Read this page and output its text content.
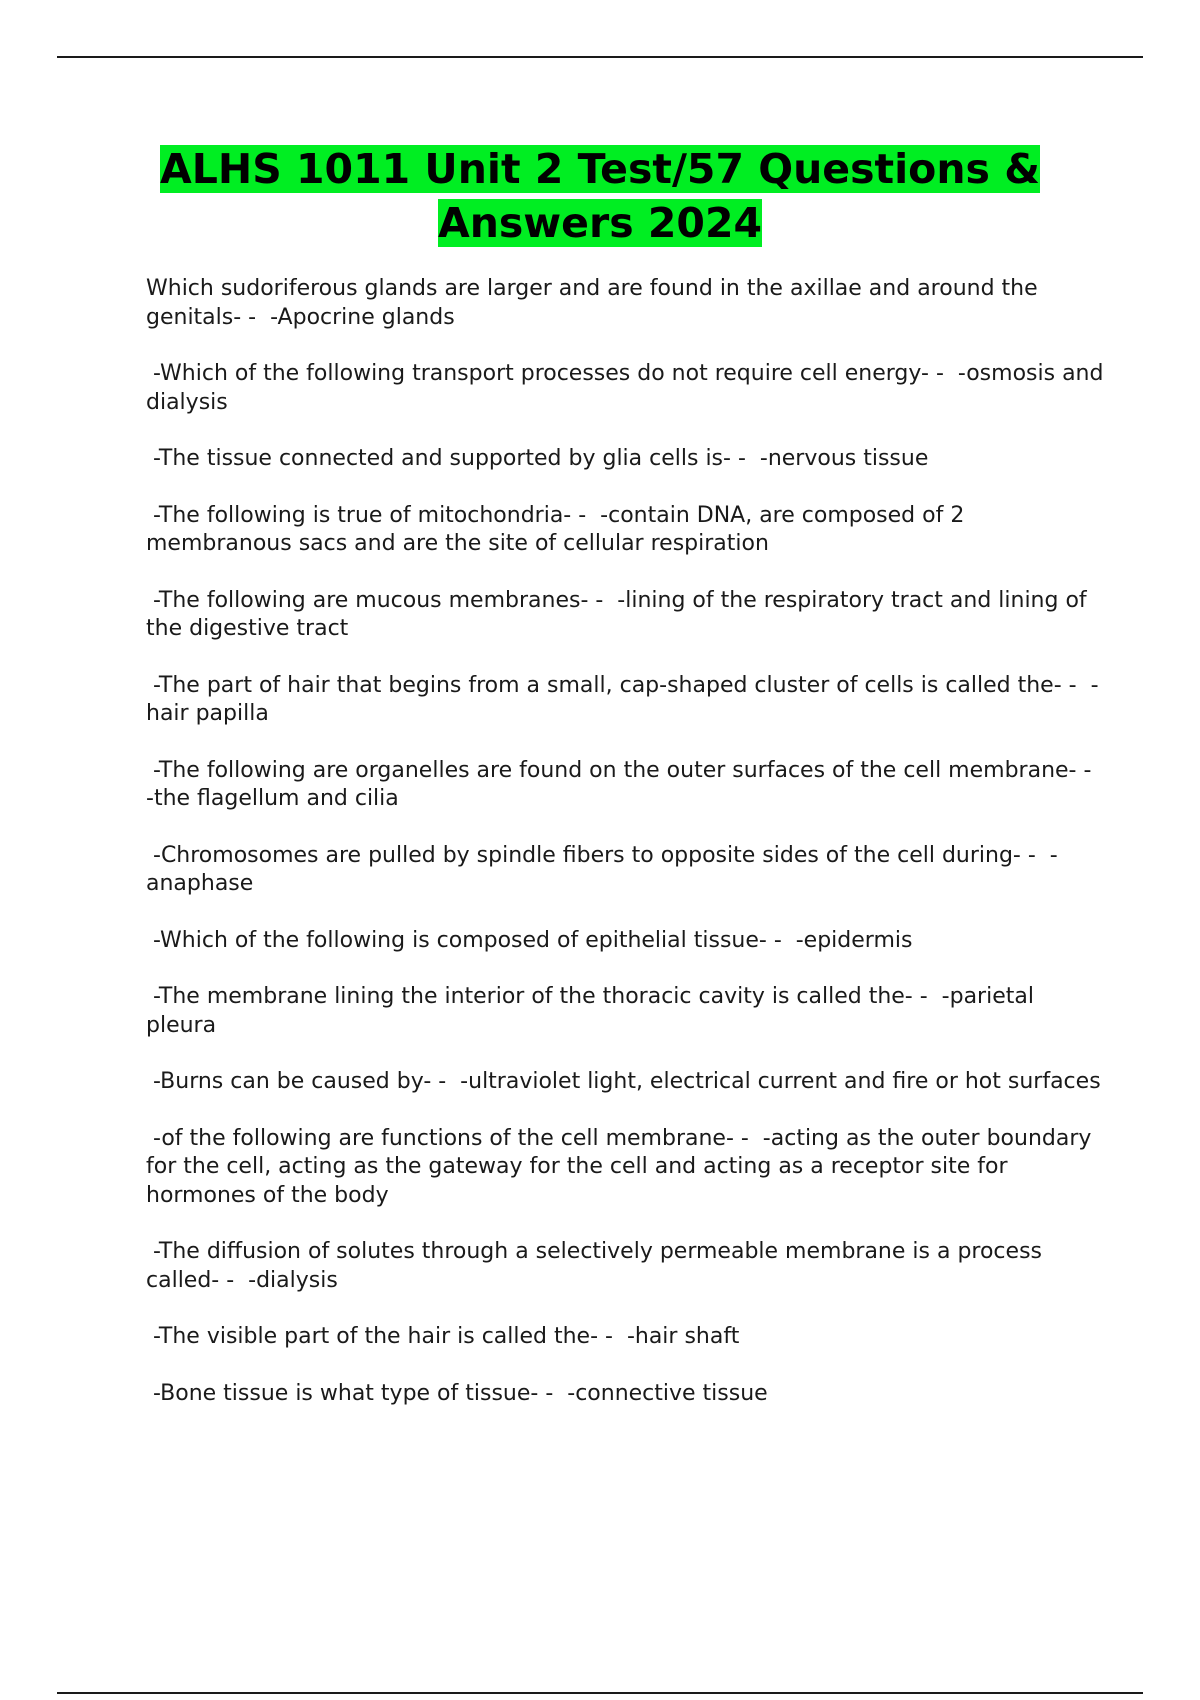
ALHS 1011 Unit 2 Test/57 Questions & Answers 2024
Which sudoriferous glands are larger and are found in the axillae and around the genitals- -  -Apocrine glands
-Which of the following transport processes do not require cell energy- -  -osmosis and dialysis
-The tissue connected and supported by glia cells is- -  -nervous tissue
-The following is true of mitochondria- -  -contain DNA, are composed of 2 membranous sacs and are the site of cellular respiration
-The following are mucous membranes- -  -lining of the respiratory tract and lining of the digestive tract
-The part of hair that begins from a small, cap-shaped cluster of cells is called the- -  -hair papilla
-The following are organelles are found on the outer surfaces of the cell membrane- -  -the flagellum and cilia
-Chromosomes are pulled by spindle fibers to opposite sides of the cell during- -  -anaphase
-Which of the following is composed of epithelial tissue- -  -epidermis
-The membrane lining the interior of the thoracic cavity is called the- -  -parietal pleura
-Burns can be caused by- -  -ultraviolet light, electrical current and fire or hot surfaces
-of the following are functions of the cell membrane- -  -acting as the outer boundary for the cell, acting as the gateway for the cell and acting as a receptor site for hormones of the body
-The diffusion of solutes through a selectively permeable membrane is a process called- -  -dialysis
-The visible part of the hair is called the- -  -hair shaft
-Bone tissue is what type of tissue- -  -connective tissue
